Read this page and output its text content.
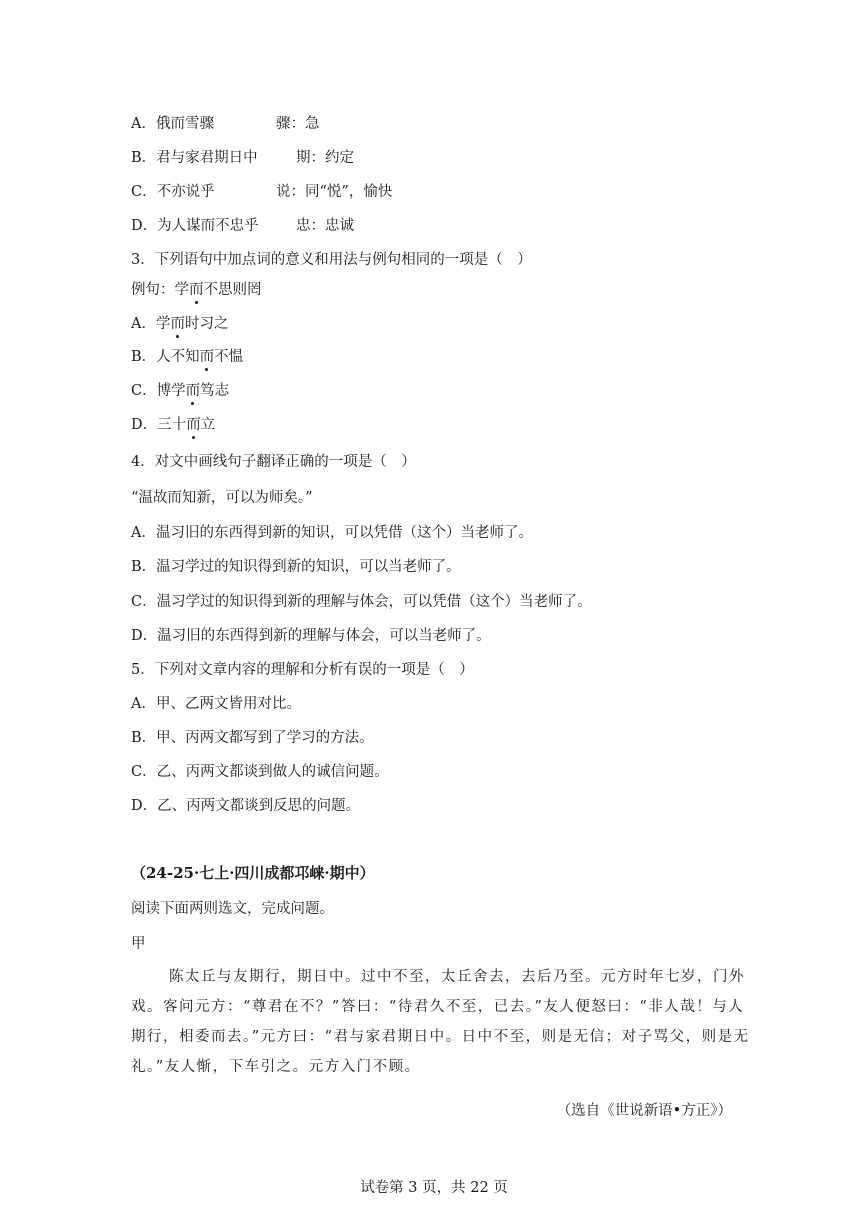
A．俄而雪骤	骤：急
B．君与家君期日中	期：约定
C．不亦说乎	说：同“悦”，愉快
D．为人谋而不忠乎	忠：忠诚
3．下列语句中加点词的意义和用法与例句相同的一项是（　）
例句：学而不思则罔
A．学而时习之
B．人不知而不愠
C．博学而笃志
D．三十而立
4．对文中画线句子翻译正确的一项是（　）
“温故而知新，可以为师矣。”
A．温习旧的东西得到新的知识，可以凭借（这个）当老师了。
B．温习学过的知识得到新的知识，可以当老师了。
C．温习学过的知识得到新的理解与体会，可以凭借（这个）当老师了。
D．温习旧的东西得到新的理解与体会，可以当老师了。
5．下列对文章内容的理解和分析有误的一项是（　）
A．甲、乙两文皆用对比。
B．甲、丙两文都写到了学习的方法。
C．乙、丙两文都谈到做人的诚信问题。
D．乙、丙两文都谈到反思的问题。
（24-25·七上·四川成都邛崃·期中）
阅读下面两则选文，完成问题。
甲
陈太丘与友期行，期日中。过中不至，太丘舍去，去后乃至。元方时年七岁，门外戏。客问元方：“尊君在不？”答曰：“待君久不至，已去。”友人便怒曰：“非人哉！与人期行，相委而去。”元方曰：“君与家君期日中。日中不至，则是无信；对子骂父，则是无礼。”友人惭，下车引之。元方入门不顾。
（选自《世说新语•方正》）
试卷第 3 页，共 22 页
